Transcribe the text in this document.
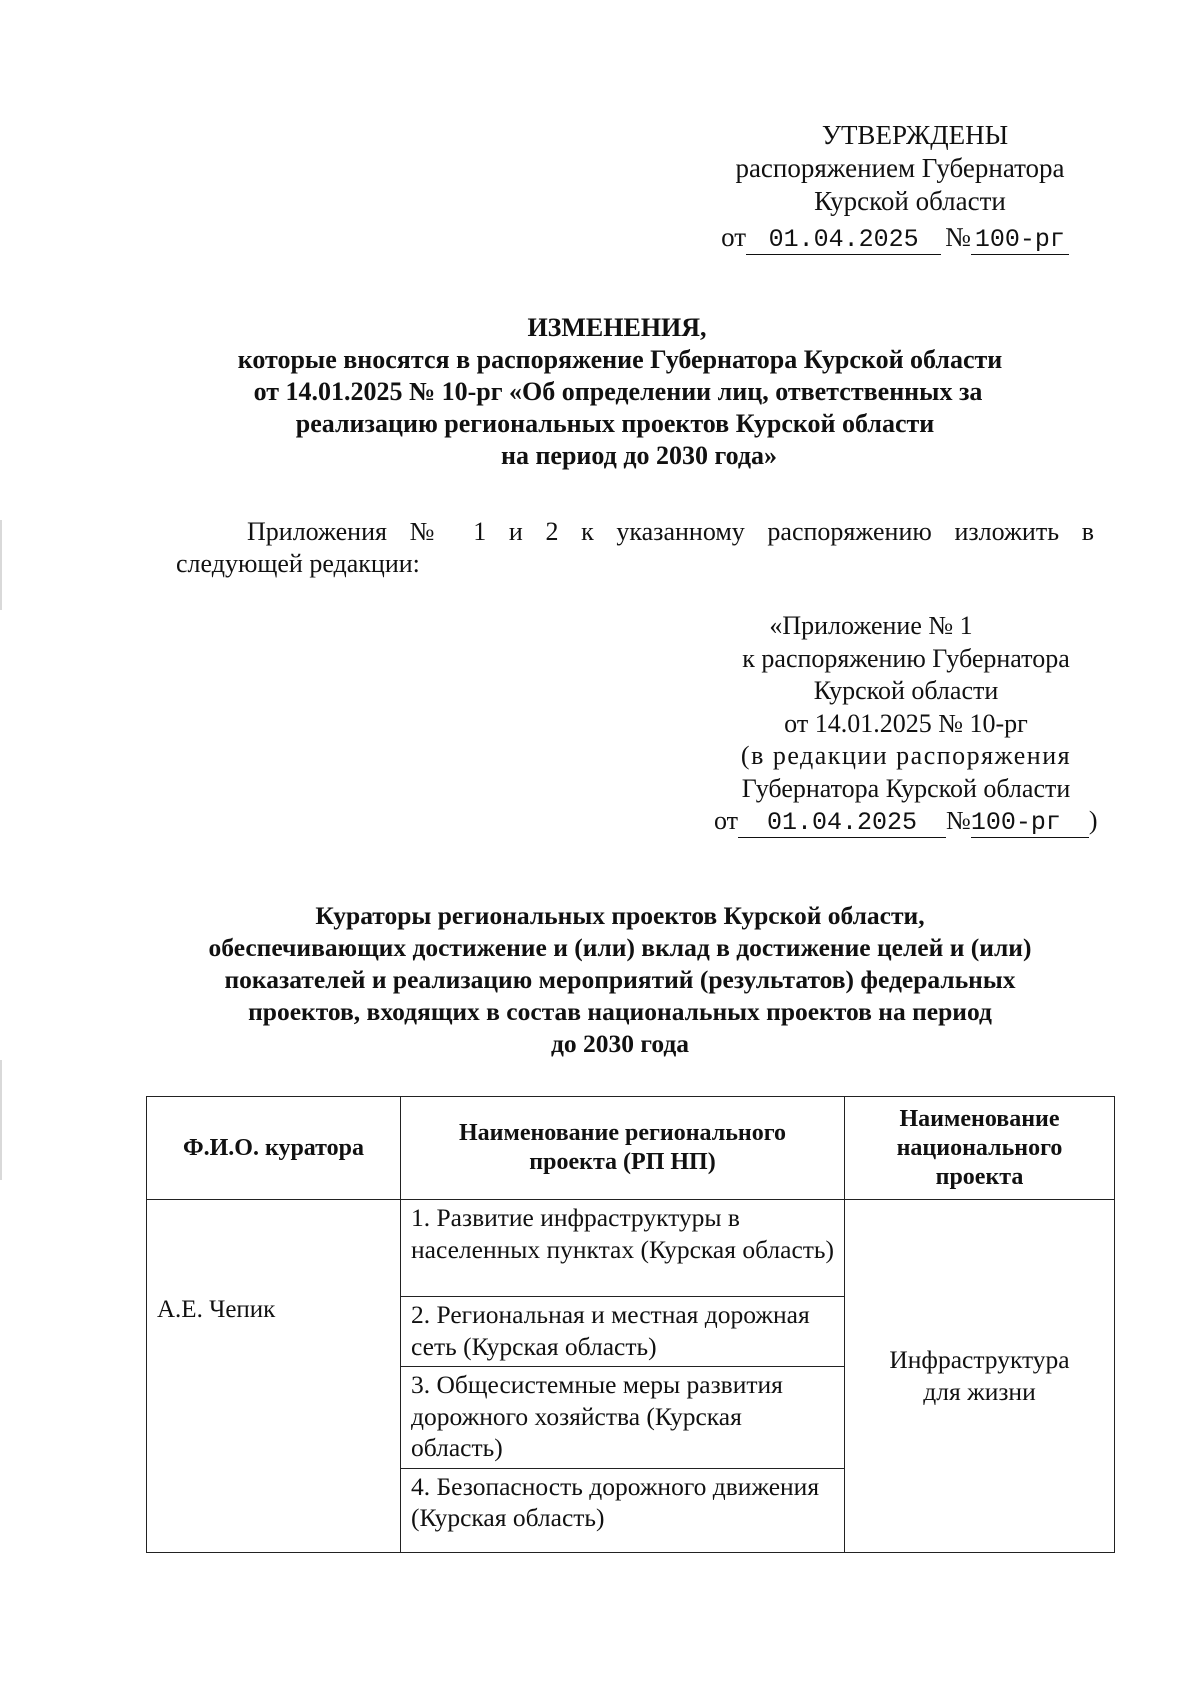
УТВЕРЖДЕНЫ
распоряжением Губернатора
Курской области
от 01.04.2025 № 100-рг
ИЗМЕНЕНИЯ,
которые вносятся в распоряжение Губернатора Курской области
от 14.01.2025 № 10-рг «Об определении лиц, ответственных за
реализацию региональных проектов Курской области
на период до 2030 года»
Приложения № 1 и 2 к указанному распоряжению изложить в
следующей редакции:
«Приложение № 1
к распоряжению Губернатора
Курской области
от 14.01.2025 № 10-рг
(в редакции распоряжения
Губернатора Курской области
от 01.04.2025 №100-рг )
Кураторы региональных проектов Курской области,
обеспечивающих достижение и (или) вклад в достижение целей и (или)
показателей и реализацию мероприятий (результатов) федеральных
проектов, входящих в состав национальных проектов на период
до 2030 года
Ф.И.О. куратора	Наименование регионального проекта (РП НП)	Наименование национального проекта
А.Е. Чепик	1. Развитие инфраструктуры в населенных пунктах (Курская область)	Инфраструктура для жизни

	2. Региональная и местная дорожная сеть (Курская область)	
	3. Общесистемные меры развития дорожного хозяйства (Курская область)	
	4. Безопасность дорожного движения (Курская область)	
